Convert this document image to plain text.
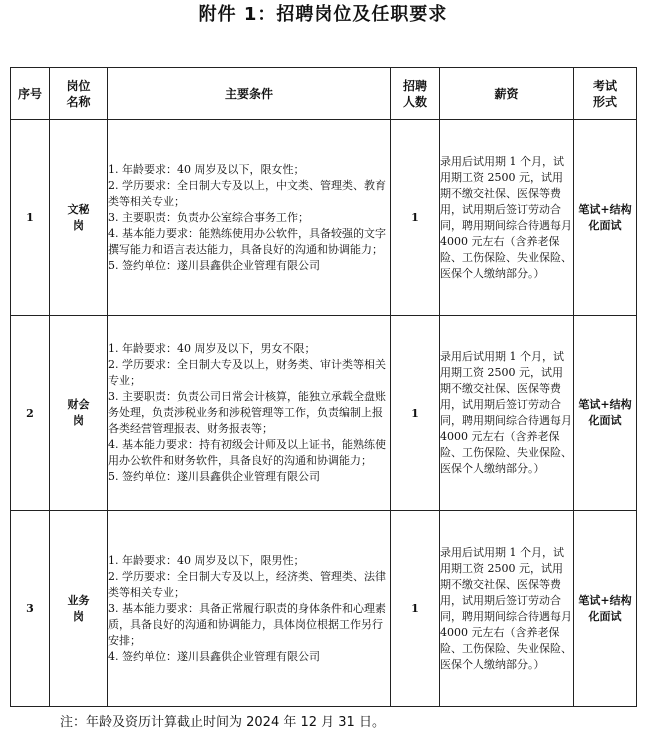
附件 1：招聘岗位及任职要求
序号	岗位名称	主要条件	招聘人数	薪资	考试形式
1	文秘岗	1. 年龄要求：40 周岁及以下，限女性；
2. 学历要求：全日制大专及以上，中文类、管理类、教育类等相关专业；
3. 主要职责：负责办公室综合事务工作；
4. 基本能力要求：能熟练使用办公软件，具备较强的文字撰写能力和语言表达能力，具备良好的沟通和协调能力；
5. 签约单位：遂川县鑫供企业管理有限公司	1	录用后试用期 1 个月，试用期工资 2500 元，试用期不缴交社保、医保等费用，试用期后签订劳动合同，聘用期间综合待遇每月 4000 元左右（含养老保险、工伤保险、失业保险、医保个人缴纳部分。）	笔试+结构化面试
2	财会岗	1. 年龄要求：40 周岁及以下，男女不限；
2. 学历要求：全日制大专及以上，财务类、审计类等相关专业；
3. 主要职责：负责公司日常会计核算，能独立承载全盘账务处理，负责涉税业务和涉税管理等工作，负责编制上报各类经营管理报表、财务报表等；
4. 基本能力要求：持有初级会计师及以上证书，能熟练使用办公软件和财务软件，具备良好的沟通和协调能力；
5. 签约单位：遂川县鑫供企业管理有限公司	1	录用后试用期 1 个月，试用期工资 2500 元，试用期不缴交社保、医保等费用，试用期后签订劳动合同，聘用期间综合待遇每月 4000 元左右（含养老保险、工伤保险、失业保险、医保个人缴纳部分。）	笔试+结构化面试
3	业务岗	1. 年龄要求：40 周岁及以下，限男性；
2. 学历要求：全日制大专及以上，经济类、管理类、法律类等相关专业；
3. 基本能力要求：具备正常履行职责的身体条件和心理素质，具备良好的沟通和协调能力，具体岗位根据工作另行安排；
4. 签约单位：遂川县鑫供企业管理有限公司	1	录用后试用期 1 个月，试用期工资 2500 元，试用期不缴交社保、医保等费用，试用期后签订劳动合同，聘用期间综合待遇每月 4000 元左右（含养老保险、工伤保险、失业保险、医保个人缴纳部分。）	笔试+结构化面试
注：年龄及资历计算截止时间为 2024 年 12 月 31 日。
